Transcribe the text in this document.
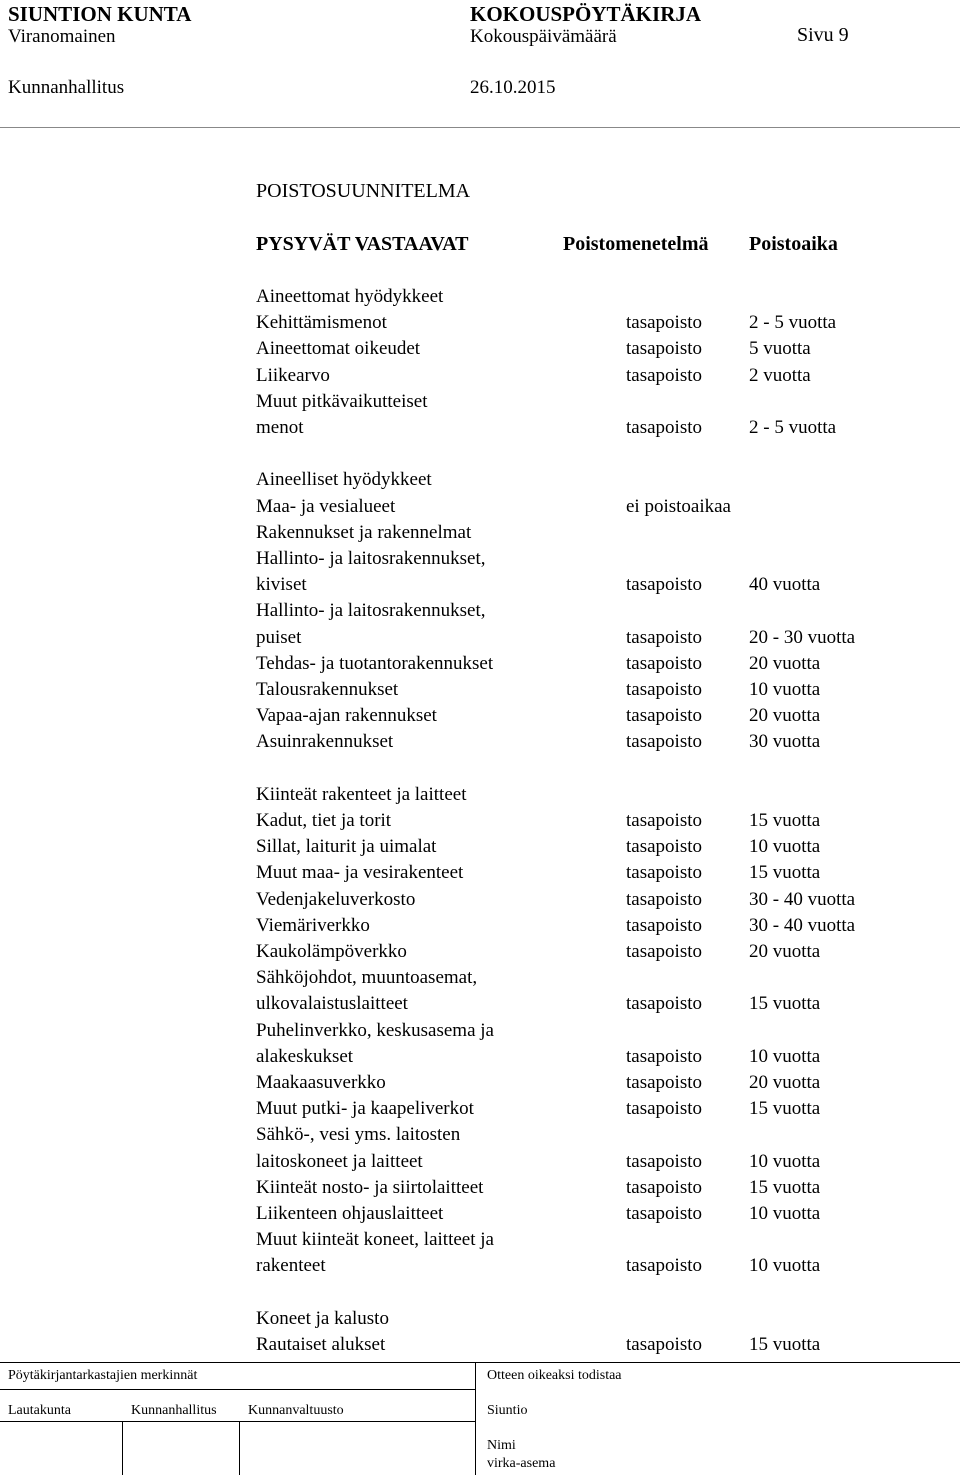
SIUNTION KUNTA	KOKOUSPÖYTÄKIRJA
Viranomainen	Kokouspäivämäärä	Sivu 9
Kunnanhallitus	26.10.2015
POISTOSUUNNITELMA
PYSYVÄT VASTAAVAT	Poistomenetelmä Poistoaika
Aineettomat hyödykkeet
Kehittämismenot	tasapoisto 2 - 5 vuotta
Aineettomat oikeudet	tasapoisto 5 vuotta
Liikearvo	tasapoisto 2 vuotta
Muut pitkävaikutteiset
menot	tasapoisto 2 - 5 vuotta
Aineelliset hyödykkeet
Maa- ja vesialueet	ei poistoaikaa
Rakennukset ja rakennelmat
Hallinto- ja laitosrakennukset,
kiviset	tasapoisto 40 vuotta
Hallinto- ja laitosrakennukset,
puiset	tasapoisto 20 - 30 vuotta
Tehdas- ja tuotantorakennukset	tasapoisto 20 vuotta
Talousrakennukset	tasapoisto 10 vuotta
Vapaa-ajan rakennukset	tasapoisto 20 vuotta
Asuinrakennukset	tasapoisto 30 vuotta
Kiinteät rakenteet ja laitteet
Kadut, tiet ja torit	tasapoisto 15 vuotta
Sillat, laiturit ja uimalat	tasapoisto 10 vuotta
Muut maa- ja vesirakenteet	tasapoisto 15 vuotta
Vedenjakeluverkosto	tasapoisto 30 - 40 vuotta
Viemäriverkko	tasapoisto 30 - 40 vuotta
Kaukolämpöverkko	tasapoisto 20 vuotta
Sähköjohdot, muuntoasemat,
ulkovalaistuslaitteet	tasapoisto 15 vuotta
Puhelinverkko, keskusasema ja
alakeskukset	tasapoisto 10 vuotta
Maakaasuverkko	tasapoisto 20 vuotta
Muut putki- ja kaapeliverkot	tasapoisto 15 vuotta
Sähkö-, vesi yms. laitosten
laitoskoneet ja laitteet	tasapoisto 10 vuotta
Kiinteät nosto- ja siirtolaitteet	tasapoisto 15 vuotta
Liikenteen ohjauslaitteet	tasapoisto 10 vuotta
Muut kiinteät koneet, laitteet ja
rakenteet	tasapoisto 10 vuotta
Koneet ja kalusto
Rautaiset alukset	tasapoisto 15 vuotta
Pöytäkirjantarkastajien merkinnät	Otteen oikeaksi todistaa
Lautakunta	Kunnanhallitus Kunnanvaltuusto	Siuntio
Nimi
virka-asema
